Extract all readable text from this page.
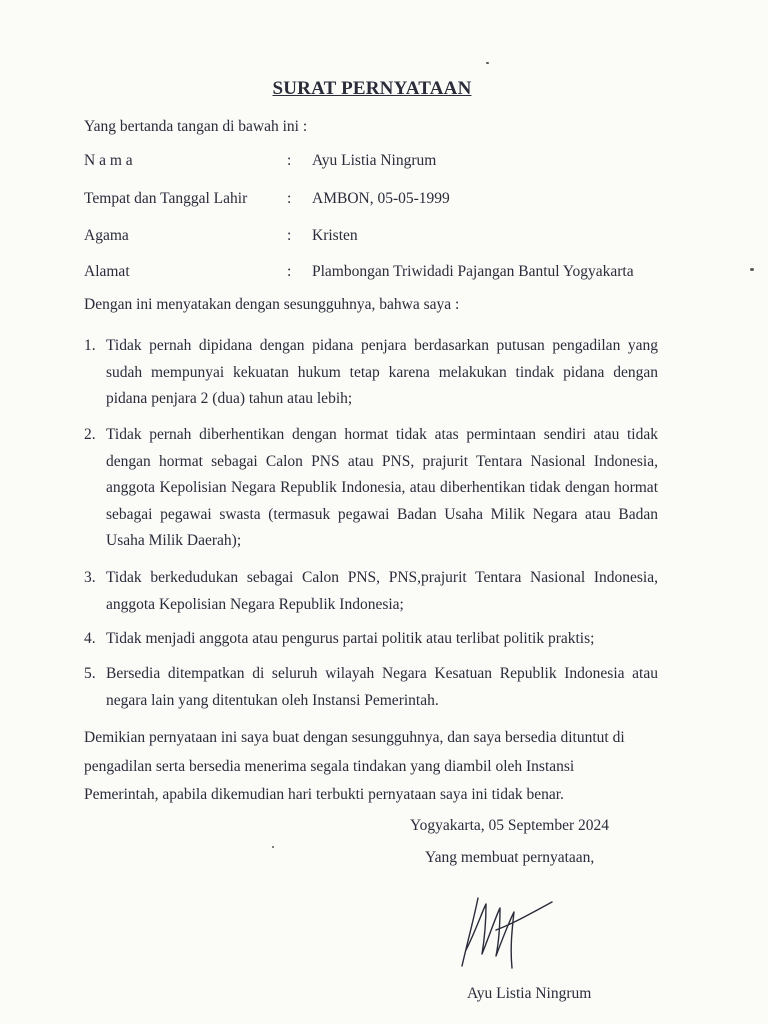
SURAT PERNYATAAN
Yang bertanda tangan di bawah ini :
N a m a	: Ayu Listia Ningrum
Tempat dan Tanggal Lahir	: AMBON, 05-05-1999
Agama	: Kristen
Alamat	: Plambongan Triwidadi Pajangan Bantul Yogyakarta
Dengan ini menyatakan dengan sesungguhnya, bahwa saya :
1. Tidak pernah dipidana dengan pidana penjara berdasarkan putusan pengadilan yang sudah mempunyai kekuatan hukum tetap karena melakukan tindak pidana dengan pidana penjara 2 (dua) tahun atau lebih;
2. Tidak pernah diberhentikan dengan hormat tidak atas permintaan sendiri atau tidak dengan hormat sebagai Calon PNS atau PNS, prajurit Tentara Nasional Indonesia, anggota Kepolisian Negara Republik Indonesia, atau diberhentikan tidak dengan hormat sebagai pegawai swasta (termasuk pegawai Badan Usaha Milik Negara atau Badan Usaha Milik Daerah);
3. Tidak berkedudukan sebagai Calon PNS, PNS,prajurit Tentara Nasional Indonesia, anggota Kepolisian Negara Republik Indonesia;
4. Tidak menjadi anggota atau pengurus partai politik atau terlibat politik praktis;
5. Bersedia ditempatkan di seluruh wilayah Negara Kesatuan Republik Indonesia atau negara lain yang ditentukan oleh Instansi Pemerintah.
Demikian pernyataan ini saya buat dengan sesungguhnya, dan saya bersedia dituntut di pengadilan serta bersedia menerima segala tindakan yang diambil oleh Instansi Pemerintah, apabila dikemudian hari terbukti pernyataan saya ini tidak benar.
Yogyakarta, 05 September 2024
Yang membuat pernyataan,
Ayu Listia Ningrum
